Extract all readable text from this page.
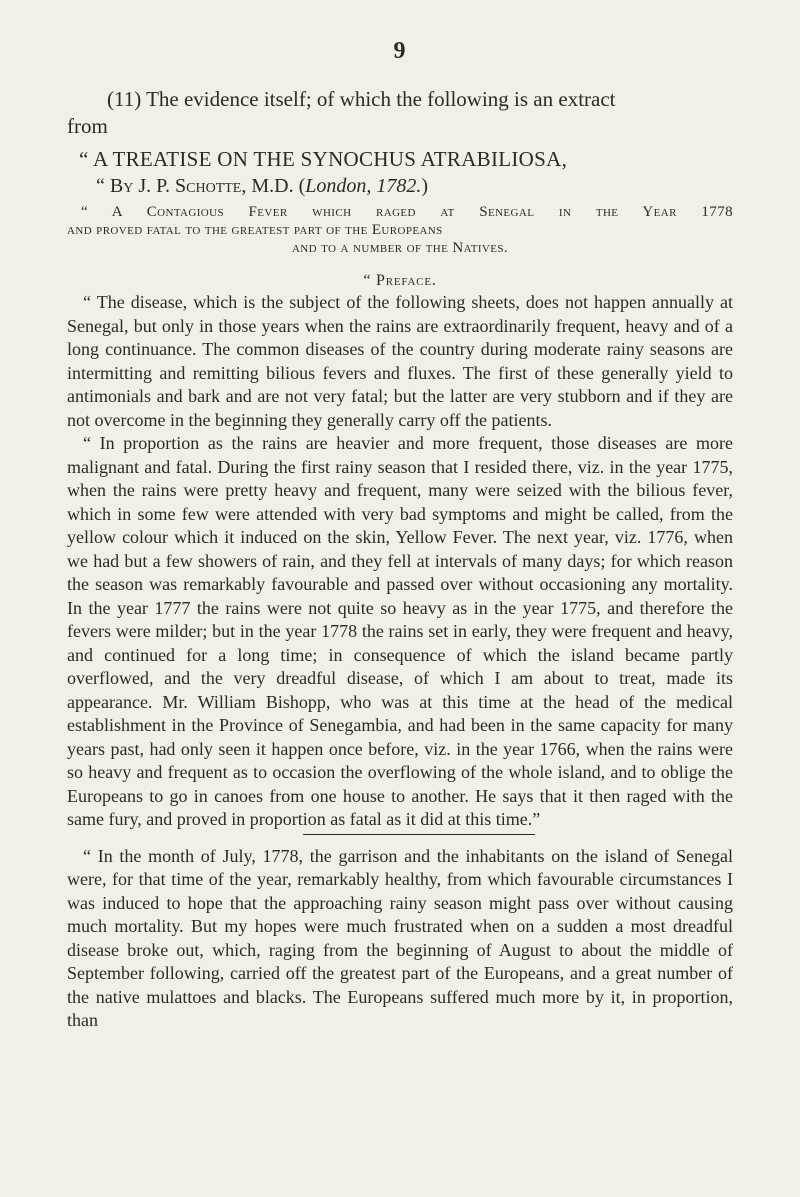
9

(11) The evidence itself; of which the following is an extract
from

“ A TREATISE ON THE SYNOCHUS ATRABILIOSA,
“ By J. P. Schotte, M.D. (London, 1782.)
“ A Contagious Fever which raged at Senegal in the Year 1778
and proved fatal to the greatest part of the Europeans
and to a number of the Natives.
“ Preface.

“ The disease, which is the subject of the following sheets, does not happen annually at Senegal, but only in those years when the rains are extraordinarily frequent, heavy and of a long continuance. The common diseases of the country during moderate rainy seasons are intermitting and remitting bilious fevers and fluxes. The first of these generally yield to antimonials and bark and are not very fatal; but the latter are very stubborn and if they are not overcome in the beginning they generally carry off the patients.

“ In proportion as the rains are heavier and more frequent, those diseases are more malignant and fatal. During the first rainy season that I resided there, viz. in the year 1775, when the rains were pretty heavy and frequent, many were seized with the bilious fever, which in some few were attended with very bad symptoms and might be called, from the yellow colour which it induced on the skin, Yellow Fever. The next year, viz. 1776, when we had but a few showers of rain, and they fell at intervals of many days; for which reason the season was remarkably favourable and passed over without occasioning any mortality. In the year 1777 the rains were not quite so heavy as in the year 1775, and therefore the fevers were milder; but in the year 1778 the rains set in early, they were frequent and heavy, and continued for a long time; in consequence of which the island became partly overflowed, and the very dreadful disease, of which I am about to treat, made its appearance. Mr. William Bishopp, who was at this time at the head of the medical establishment in the Province of Senegambia, and had been in the same capacity for many years past, had only seen it happen once before, viz. in the year 1766, when the rains were so heavy and frequent as to occasion the overflowing of the whole island, and to oblige the Europeans to go in canoes from one house to another. He says that it then raged with the same fury, and proved in proportion as fatal as it did at this time.”

“ In the month of July, 1778, the garrison and the inhabitants on the island of Senegal were, for that time of the year, remarkably healthy, from which favourable circumstances I was induced to hope that the approaching rainy season might pass over without causing much mortality. But my hopes were much frustrated when on a sudden a most dreadful disease broke out, which, raging from the beginning of August to about the middle of September following, carried off the greatest part of the Europeans, and a great number of the native mulattoes and blacks. The Europeans suffered much more by it, in proportion, than
